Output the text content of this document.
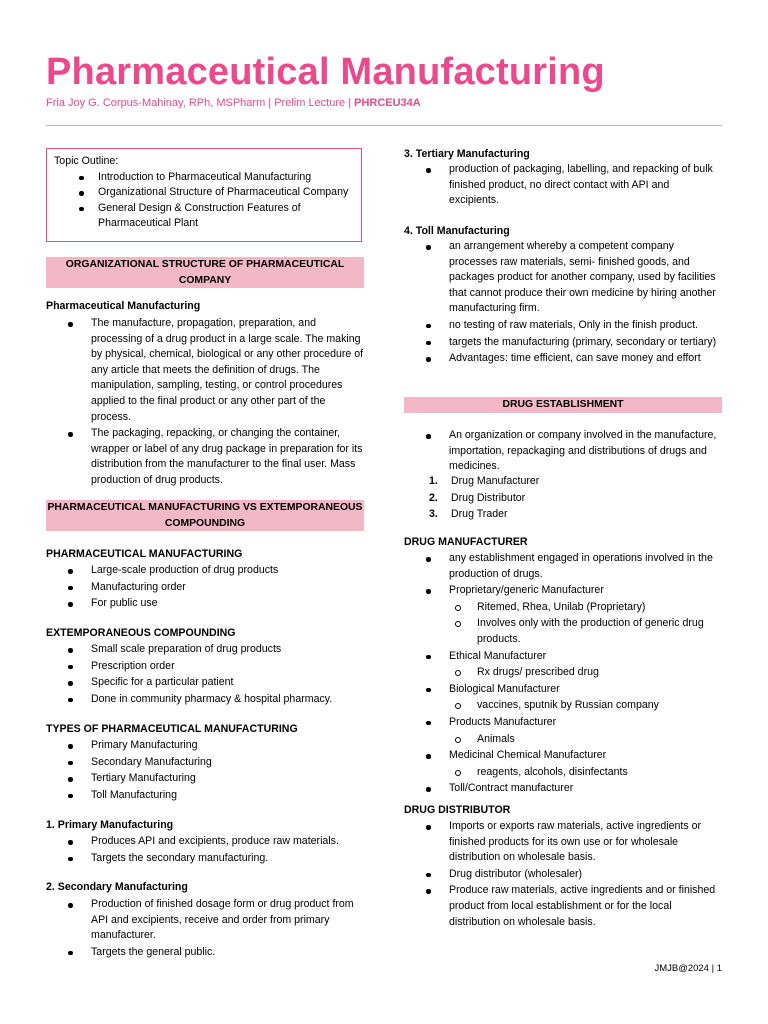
Pharmaceutical Manufacturing
Fria Joy G. Corpus-Mahinay, RPh, MSPharm | Prelim Lecture | PHRCEU34A
Topic Outline:
Introduction to Pharmaceutical Manufacturing
Organizational Structure of Pharmaceutical Company
General Design & Construction Features of Pharmaceutical Plant
ORGANIZATIONAL STRUCTURE OF PHARMACEUTICAL COMPANY
Pharmaceutical Manufacturing
The manufacture, propagation, preparation, and processing of a drug product in a large scale. The making by physical, chemical, biological or any other procedure of any article that meets the definition of drugs. The manipulation, sampling, testing, or control procedures applied to the final product or any other part of the process.
The packaging, repacking, or changing the container, wrapper or label of any drug package in preparation for its distribution from the manufacturer to the final user. Mass production of drug products.
PHARMACEUTICAL MANUFACTURING VS EXTEMPORANEOUS COMPOUNDING
PHARMACEUTICAL MANUFACTURING
Large-scale production of drug products
Manufacturing order
For public use
EXTEMPORANEOUS COMPOUNDING
Small scale preparation of drug products
Prescription order
Specific for a particular patient
Done in community pharmacy & hospital pharmacy.
TYPES OF PHARMACEUTICAL MANUFACTURING
Primary Manufacturing
Secondary Manufacturing
Tertiary Manufacturing
Toll Manufacturing
1. Primary Manufacturing
Produces API and excipients, produce raw materials.
Targets the secondary manufacturing.
2. Secondary Manufacturing
Production of finished dosage form or drug product from API and excipients, receive and order from primary manufacturer.
Targets the general public.
3. Tertiary Manufacturing
production of packaging, labelling, and repacking of bulk finished product, no direct contact with API and excipients.
4. Toll Manufacturing
an arrangement whereby a competent company processes raw materials, semi- finished goods, and packages product for another company, used by facilities that cannot produce their own medicine by hiring another manufacturing firm.
no testing of raw materials, Only in the finish product.
targets the manufacturing (primary, secondary or tertiary)
Advantages: time efficient, can save money and effort
DRUG ESTABLISHMENT
An organization or company involved in the manufacture, importation, repackaging and distributions of drugs and medicines.
1. Drug Manufacturer
2. Drug Distributor
3. Drug Trader
DRUG MANUFACTURER
any establishment engaged in operations involved in the production of drugs.
Proprietary/generic Manufacturer
Ritemed, Rhea, Unilab (Proprietary)
Involves only with the production of generic drug products.
Ethical Manufacturer
Rx drugs/ prescribed drug
Biological Manufacturer
vaccines, sputnik by Russian company
Products Manufacturer
Animals
Medicinal Chemical Manufacturer
reagents, alcohols, disinfectants
Toll/Contract manufacturer
DRUG DISTRIBUTOR
Imports or exports raw materials, active ingredients or finished products for its own use or for wholesale distribution on wholesale basis.
Drug distributor (wholesaler)
Produce raw materials, active ingredients and or finished product from local establishment or for the local distribution on wholesale basis.
JMJB@2024 | 1
